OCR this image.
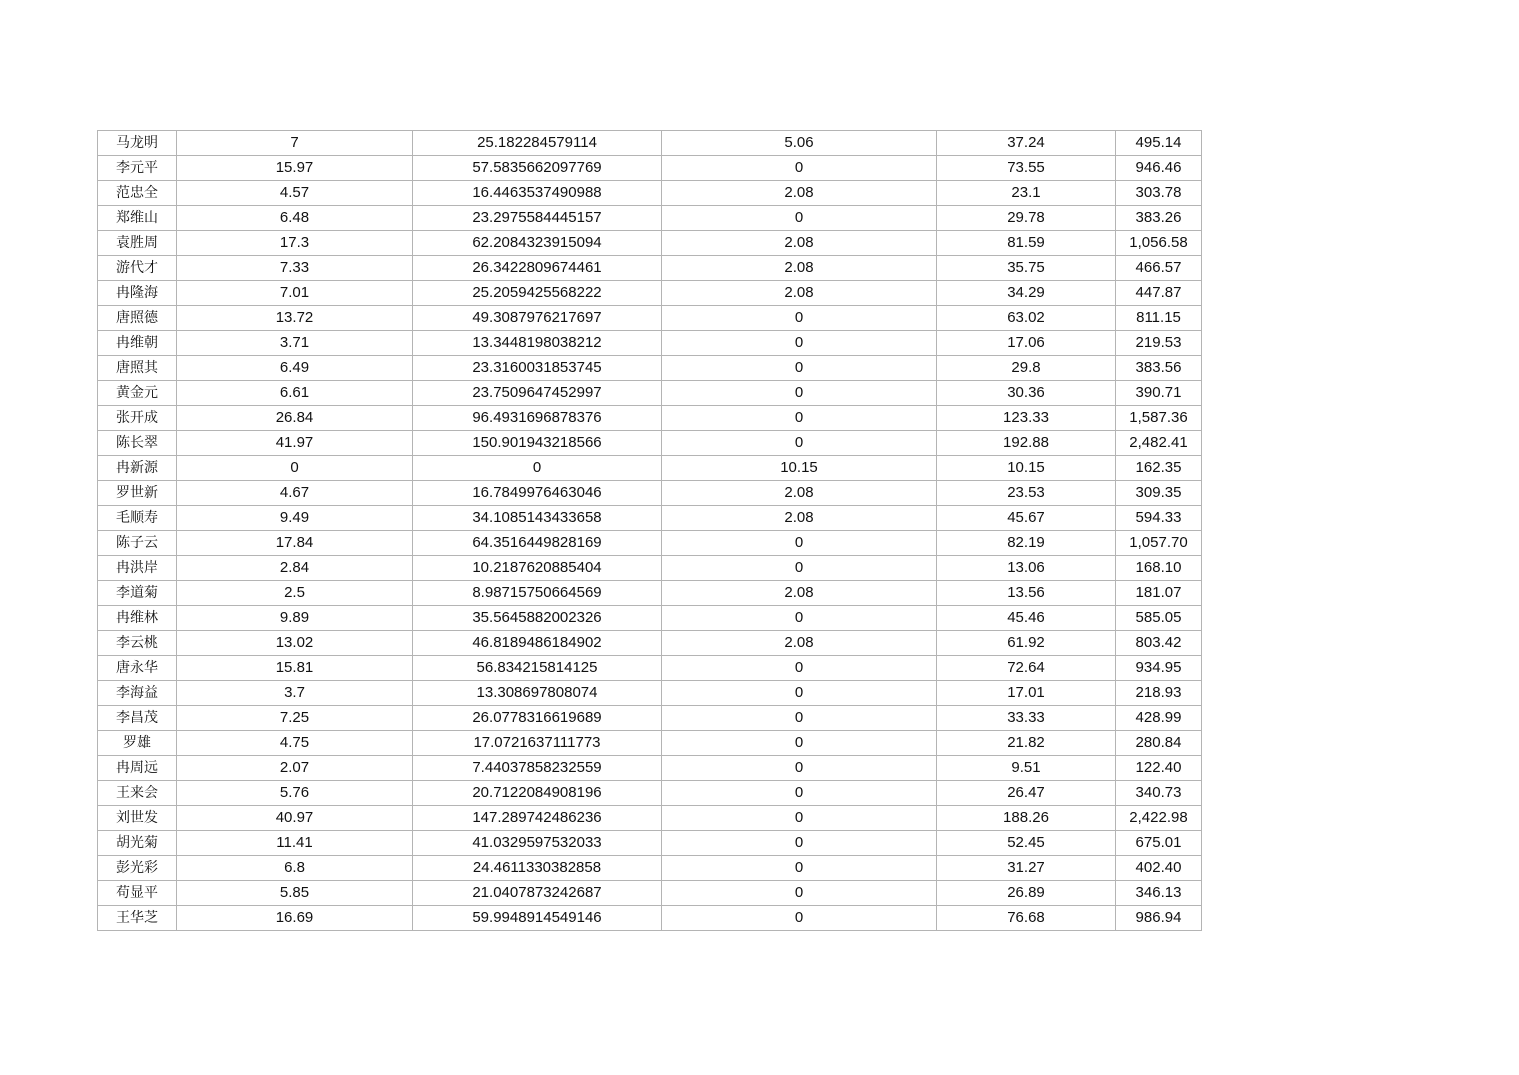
马龙明	7	25.182284579114	5.06	37.24	495.14
李元平	15.97	57.5835662097769	0	73.55	946.46
范忠全	4.57	16.4463537490988	2.08	23.1	303.78
郑维山	6.48	23.2975584445157	0	29.78	383.26
袁胜周	17.3	62.2084323915094	2.08	81.59	1,056.58
游代才	7.33	26.3422809674461	2.08	35.75	466.57
冉隆海	7.01	25.2059425568222	2.08	34.29	447.87
唐照德	13.72	49.3087976217697	0	63.02	811.15
冉维朝	3.71	13.3448198038212	0	17.06	219.53
唐照其	6.49	23.3160031853745	0	29.8	383.56
黄金元	6.61	23.7509647452997	0	30.36	390.71
张开成	26.84	96.4931696878376	0	123.33	1,587.36
陈长翠	41.97	150.901943218566	0	192.88	2,482.41
冉新源	0	0	10.15	10.15	162.35
罗世新	4.67	16.7849976463046	2.08	23.53	309.35
毛顺寿	9.49	34.1085143433658	2.08	45.67	594.33
陈子云	17.84	64.3516449828169	0	82.19	1,057.70
冉洪岸	2.84	10.2187620885404	0	13.06	168.10
李道菊	2.5	8.98715750664569	2.08	13.56	181.07
冉维林	9.89	35.5645882002326	0	45.46	585.05
李云桃	13.02	46.8189486184902	2.08	61.92	803.42
唐永华	15.81	56.834215814125	0	72.64	934.95
李海益	3.7	13.308697808074	0	17.01	218.93
李昌茂	7.25	26.0778316619689	0	33.33	428.99
罗雄	4.75	17.0721637111773	0	21.82	280.84
冉周远	2.07	7.44037858232559	0	9.51	122.40
王来会	5.76	20.7122084908196	0	26.47	340.73
刘世发	40.97	147.289742486236	0	188.26	2,422.98
胡光菊	11.41	41.0329597532033	0	52.45	675.01
彭光彩	6.8	24.4611330382858	0	31.27	402.40
苟显平	5.85	21.0407873242687	0	26.89	346.13
王华芝	16.69	59.9948914549146	0	76.68	986.94
